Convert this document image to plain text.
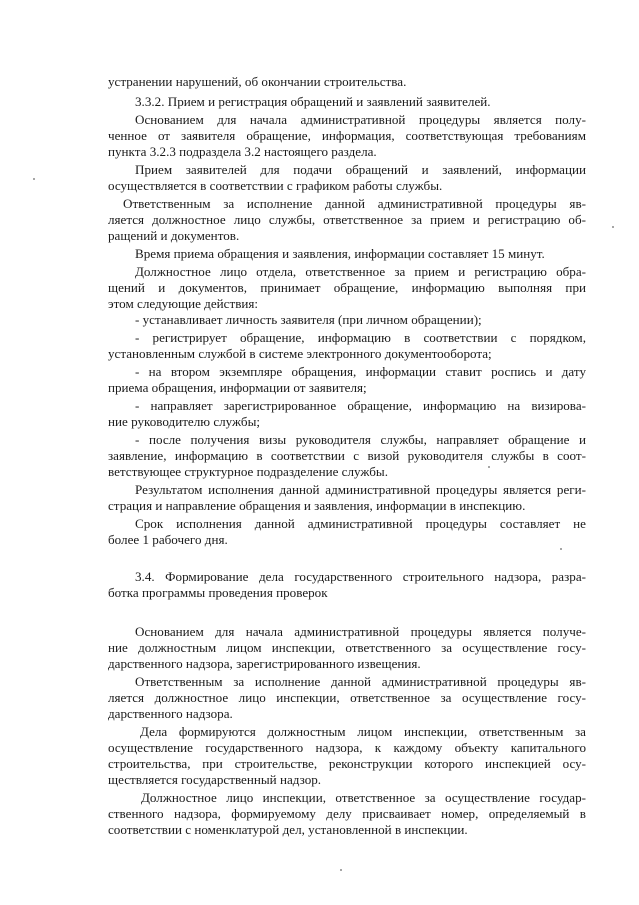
устранении нарушений, об окончании строительства.
3.3.2. Прием и регистрация обращений и заявлений заявителей.
Основанием для начала административной процедуры является полу-
ченное от заявителя обращение, информация, соответствующая требованиям
пункта 3.2.3 подраздела 3.2 настоящего раздела.
Прием заявителей для подачи обращений и заявлений, информации
осуществляется в соответствии с графиком работы службы.
Ответственным за исполнение данной административной процедуры яв-
ляется должностное лицо службы, ответственное за прием и регистрацию об-
ращений и документов.
Время приема обращения и заявления, информации составляет 15 минут.
Должностное лицо отдела, ответственное за прием и регистрацию обра-
щений и документов, принимает обращение, информацию выполняя при
этом следующие действия:
- устанавливает личность заявителя (при личном обращении);
- регистрирует обращение, информацию в соответствии с порядком,
установленным службой в системе электронного документооборота;
- на втором экземпляре обращения, информации ставит роспись и дату
приема обращения, информации от заявителя;
- направляет зарегистрированное обращение, информацию на визирова-
ние руководителю службы;
- после получения визы руководителя службы, направляет обращение и
заявление, информацию в соответствии с визой руководителя службы в соот-
ветствующее структурное подразделение службы.
Результатом исполнения данной административной процедуры является реги-
страция и направление обращения и заявления, информации в инспекцию.
Срок исполнения данной административной процедуры составляет не
более 1 рабочего дня.
3.4. Формирование дела государственного строительного надзора, разра-
ботка программы проведения проверок
Основанием для начала административной процедуры является получе-
ние должностным лицом инспекции, ответственного за осуществление госу-
дарственного надзора, зарегистрированного извещения.
Ответственным за исполнение данной административной процедуры яв-
ляется должностное лицо инспекции, ответственное за осуществление госу-
дарственного надзора.
Дела формируются должностным лицом инспекции, ответственным за
осуществление государственного надзора, к каждому объекту капитального
строительства, при строительстве, реконструкции которого инспекцией осу-
ществляется государственный надзор.
Должностное лицо инспекции, ответственное за осуществление государ-
ственного надзора, формируемому делу присваивает номер, определяемый в
соответствии с номенклатурой дел, установленной в инспекции.
